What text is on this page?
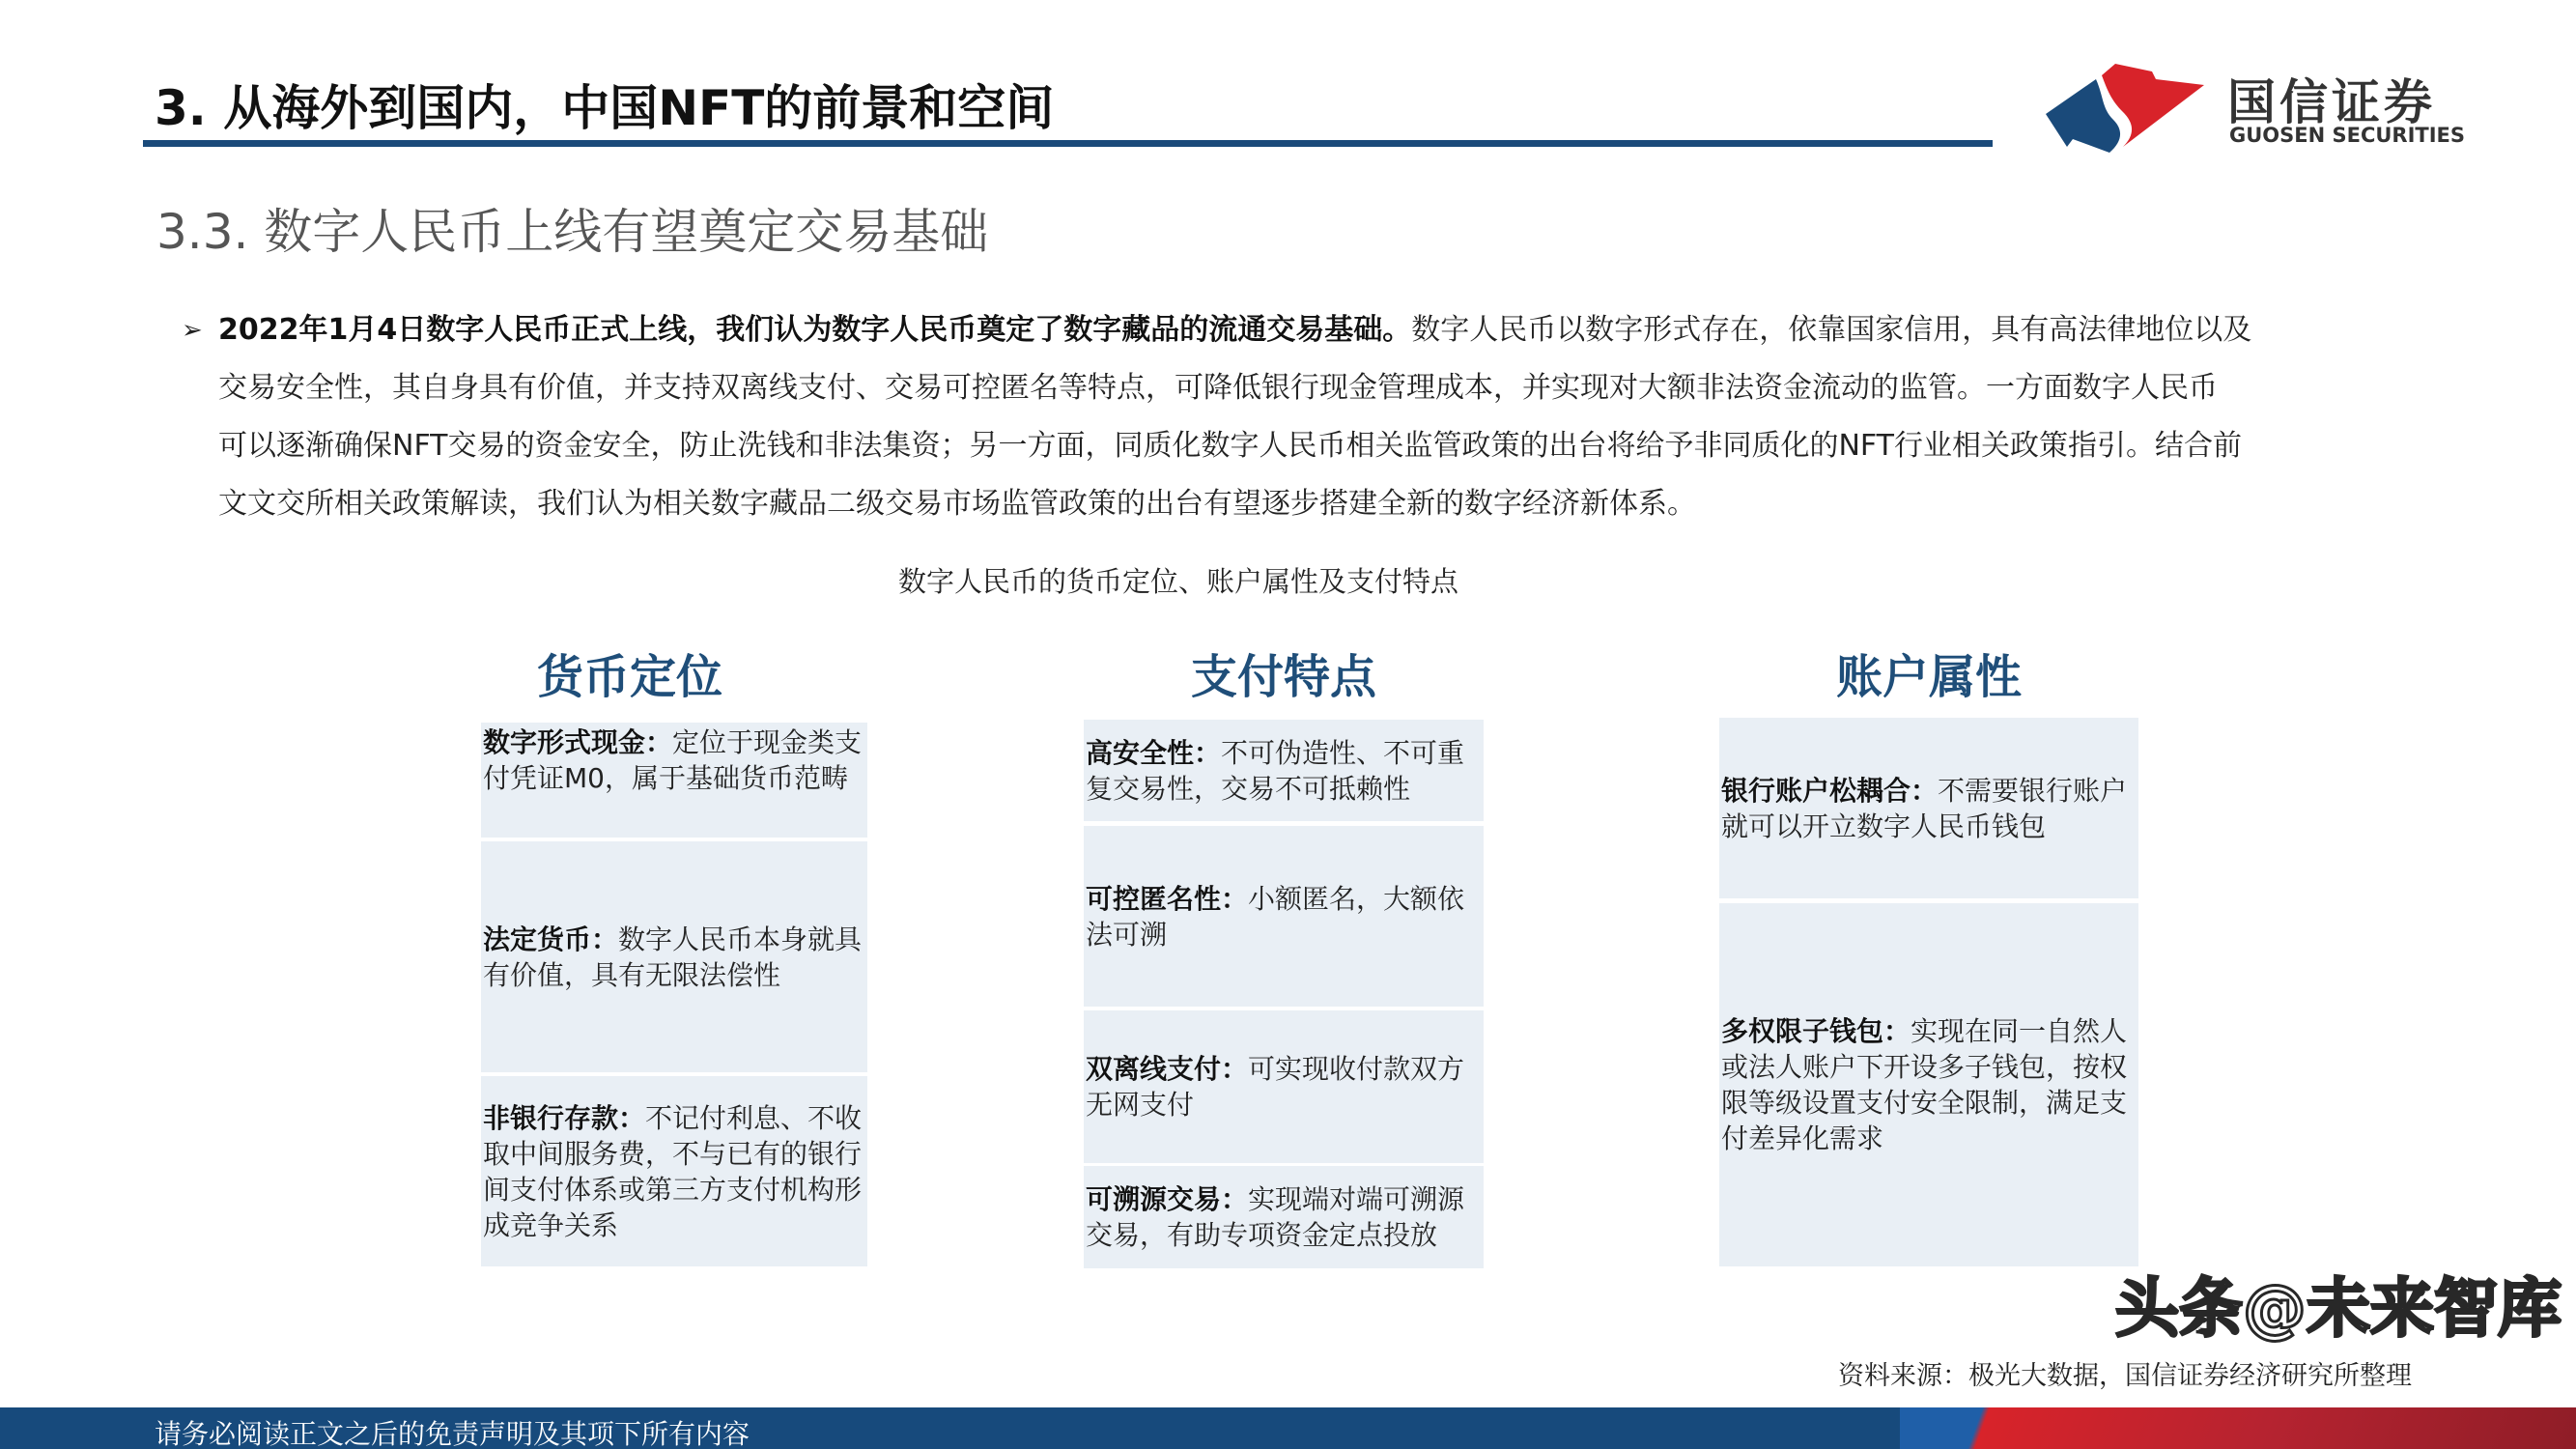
3. 从海外到国内，中国NFT的前景和空间	国信证券
GUOSEN SECURITIES
3.3. 数字人民币上线有望奠定交易基础
➢ 2022年1月4日数字人民币正式上线，我们认为数字人民币奠定了数字藏品的流通交易基础。数字人民币以数字形式存在，依靠国家信用，具有高法律地位以及
交易安全性，其自身具有价值，并支持双离线支付、交易可控匿名等特点，可降低银行现金管理成本，并实现对大额非法资金流动的监管。一方面数字人民币
可以逐渐确保NFT交易的资金安全，防止洗钱和非法集资；另一方面，同质化数字人民币相关监管政策的出台将给予非同质化的NFT行业相关政策指引。结合前
文文交所相关政策解读，我们认为相关数字藏品二级交易市场监管政策的出台有望逐步搭建全新的数字经济新体系。
数字人民币的货币定位、账户属性及支付特点
货币定位
数字形式现金：定位于现金类支付凭证M0，属于基础货币范畴
法定货币：数字人民币本身就具有价值，具有无限法偿性
非银行存款：不记付利息、不收取中间服务费，不与已有的银行间支付体系或第三方支付机构形成竞争关系
支付特点
高安全性：不可伪造性、不可重复交易性，交易不可抵赖性
可控匿名性：小额匿名，大额依法可溯
双离线支付：可实现收付款双方无网支付
可溯源交易：实现端对端可溯源交易，有助专项资金定点投放
账户属性
银行账户松耦合：不需要银行账户就可以开立数字人民币钱包
多权限子钱包：实现在同一自然人或法人账户下开设多子钱包，按权限等级设置支付安全限制，满足支付差异化需求
头条@未来智库
资料来源：极光大数据，国信证券经济研究所整理
请务必阅读正文之后的免责声明及其项下所有内容
